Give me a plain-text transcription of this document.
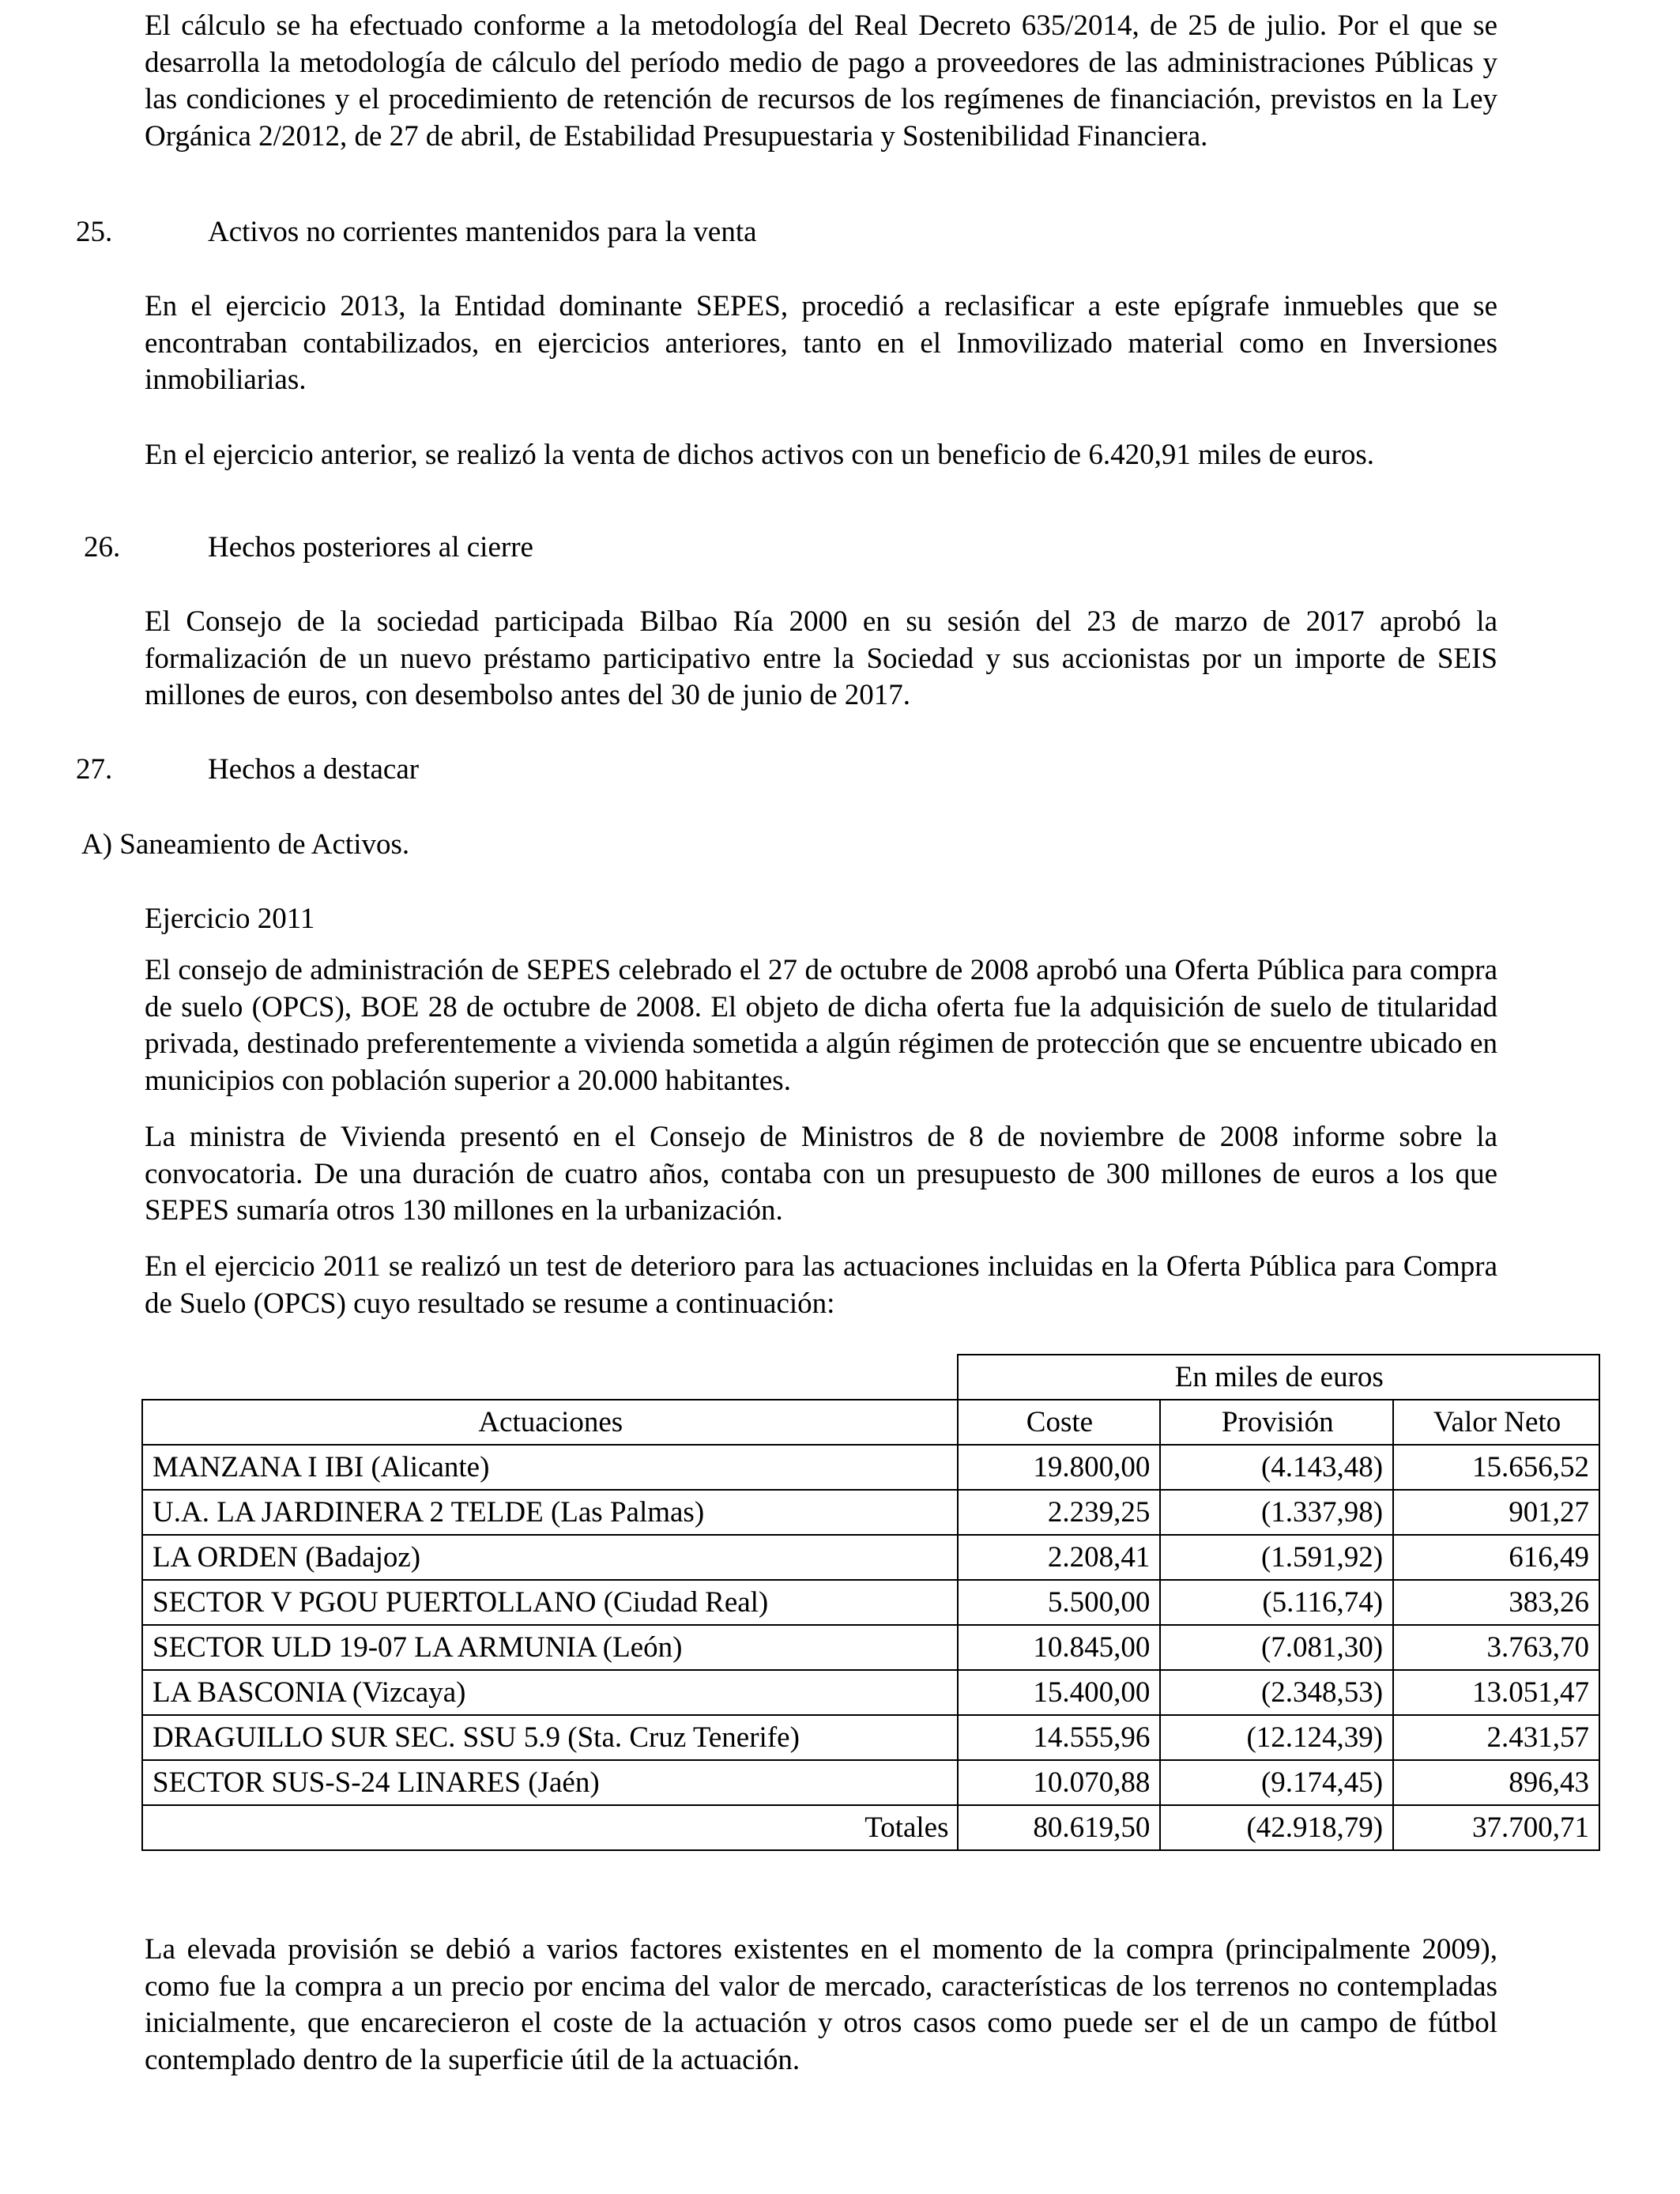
El cálculo se ha efectuado conforme a la metodología del Real Decreto 635/2014, de 25 de julio. Por el que se desarrolla la metodología de cálculo del período medio de pago a proveedores de las administraciones Públicas y las condiciones y el procedimiento de retención de recursos de los regímenes de financiación, previstos en la Ley Orgánica 2/2012, de 27 de abril, de Estabilidad Presupuestaria y Sostenibilidad Financiera.

25.	Activos no corrientes mantenidos para la venta

En el ejercicio 2013, la Entidad dominante SEPES, procedió a reclasificar a este epígrafe inmuebles que se encontraban contabilizados, en ejercicios anteriores, tanto en el Inmovilizado material como en Inversiones inmobiliarias.

En el ejercicio anterior, se realizó la venta de dichos activos con un beneficio de 6.420,91 miles de euros.

26.	Hechos posteriores al cierre

El Consejo de la sociedad participada Bilbao Ría 2000 en su sesión del 23 de marzo de 2017 aprobó la formalización de un nuevo préstamo participativo entre la Sociedad y sus accionistas por un importe de SEIS millones de euros, con desembolso antes del 30 de junio de 2017.

27.	Hechos a destacar

A) Saneamiento de Activos.

Ejercicio 2011

El consejo de administración de SEPES celebrado el 27 de octubre de 2008 aprobó una Oferta Pública para compra de suelo (OPCS), BOE 28 de octubre de 2008. El objeto de dicha oferta fue la adquisición de suelo de titularidad privada, destinado preferentemente a vivienda sometida a algún régimen de protección que se encuentre ubicado en municipios con población superior a 20.000 habitantes.

La ministra de Vivienda presentó en el Consejo de Ministros de 8 de noviembre de 2008 informe sobre la convocatoria. De una duración de cuatro años, contaba con un presupuesto de 300 millones de euros a los que SEPES sumaría otros 130 millones en la urbanización.

En el ejercicio 2011 se realizó un test de deterioro para las actuaciones incluidas en la Oferta Pública para Compra de Suelo (OPCS) cuyo resultado se resume a continuación:

	En miles de euros		
Actuaciones	Coste	Provisión	Valor Neto
MANZANA I IBI (Alicante)	19.800,00	(4.143,48)	15.656,52
U.A. LA JARDINERA 2 TELDE (Las Palmas)	2.239,25	(1.337,98)	901,27
LA ORDEN (Badajoz)	2.208,41	(1.591,92)	616,49
SECTOR V PGOU PUERTOLLANO (Ciudad Real)	5.500,00	(5.116,74)	383,26
SECTOR ULD 19-07 LA ARMUNIA (León)	10.845,00	(7.081,30)	3.763,70
LA BASCONIA (Vizcaya)	15.400,00	(2.348,53)	13.051,47
DRAGUILLO SUR SEC. SSU 5.9 (Sta. Cruz Tenerife)	14.555,96	(12.124,39)	2.431,57
SECTOR SUS-S-24 LINARES (Jaén)	10.070,88	(9.174,45)	896,43
Totales	80.619,50	(42.918,79)	37.700,71

La elevada provisión se debió a varios factores existentes en el momento de la compra (principalmente 2009), como fue la compra a un precio por encima del valor de mercado, características de los terrenos no contempladas inicialmente, que encarecieron el coste de la actuación y otros casos como puede ser el de un campo de fútbol contemplado dentro de la superficie útil de la actuación.
